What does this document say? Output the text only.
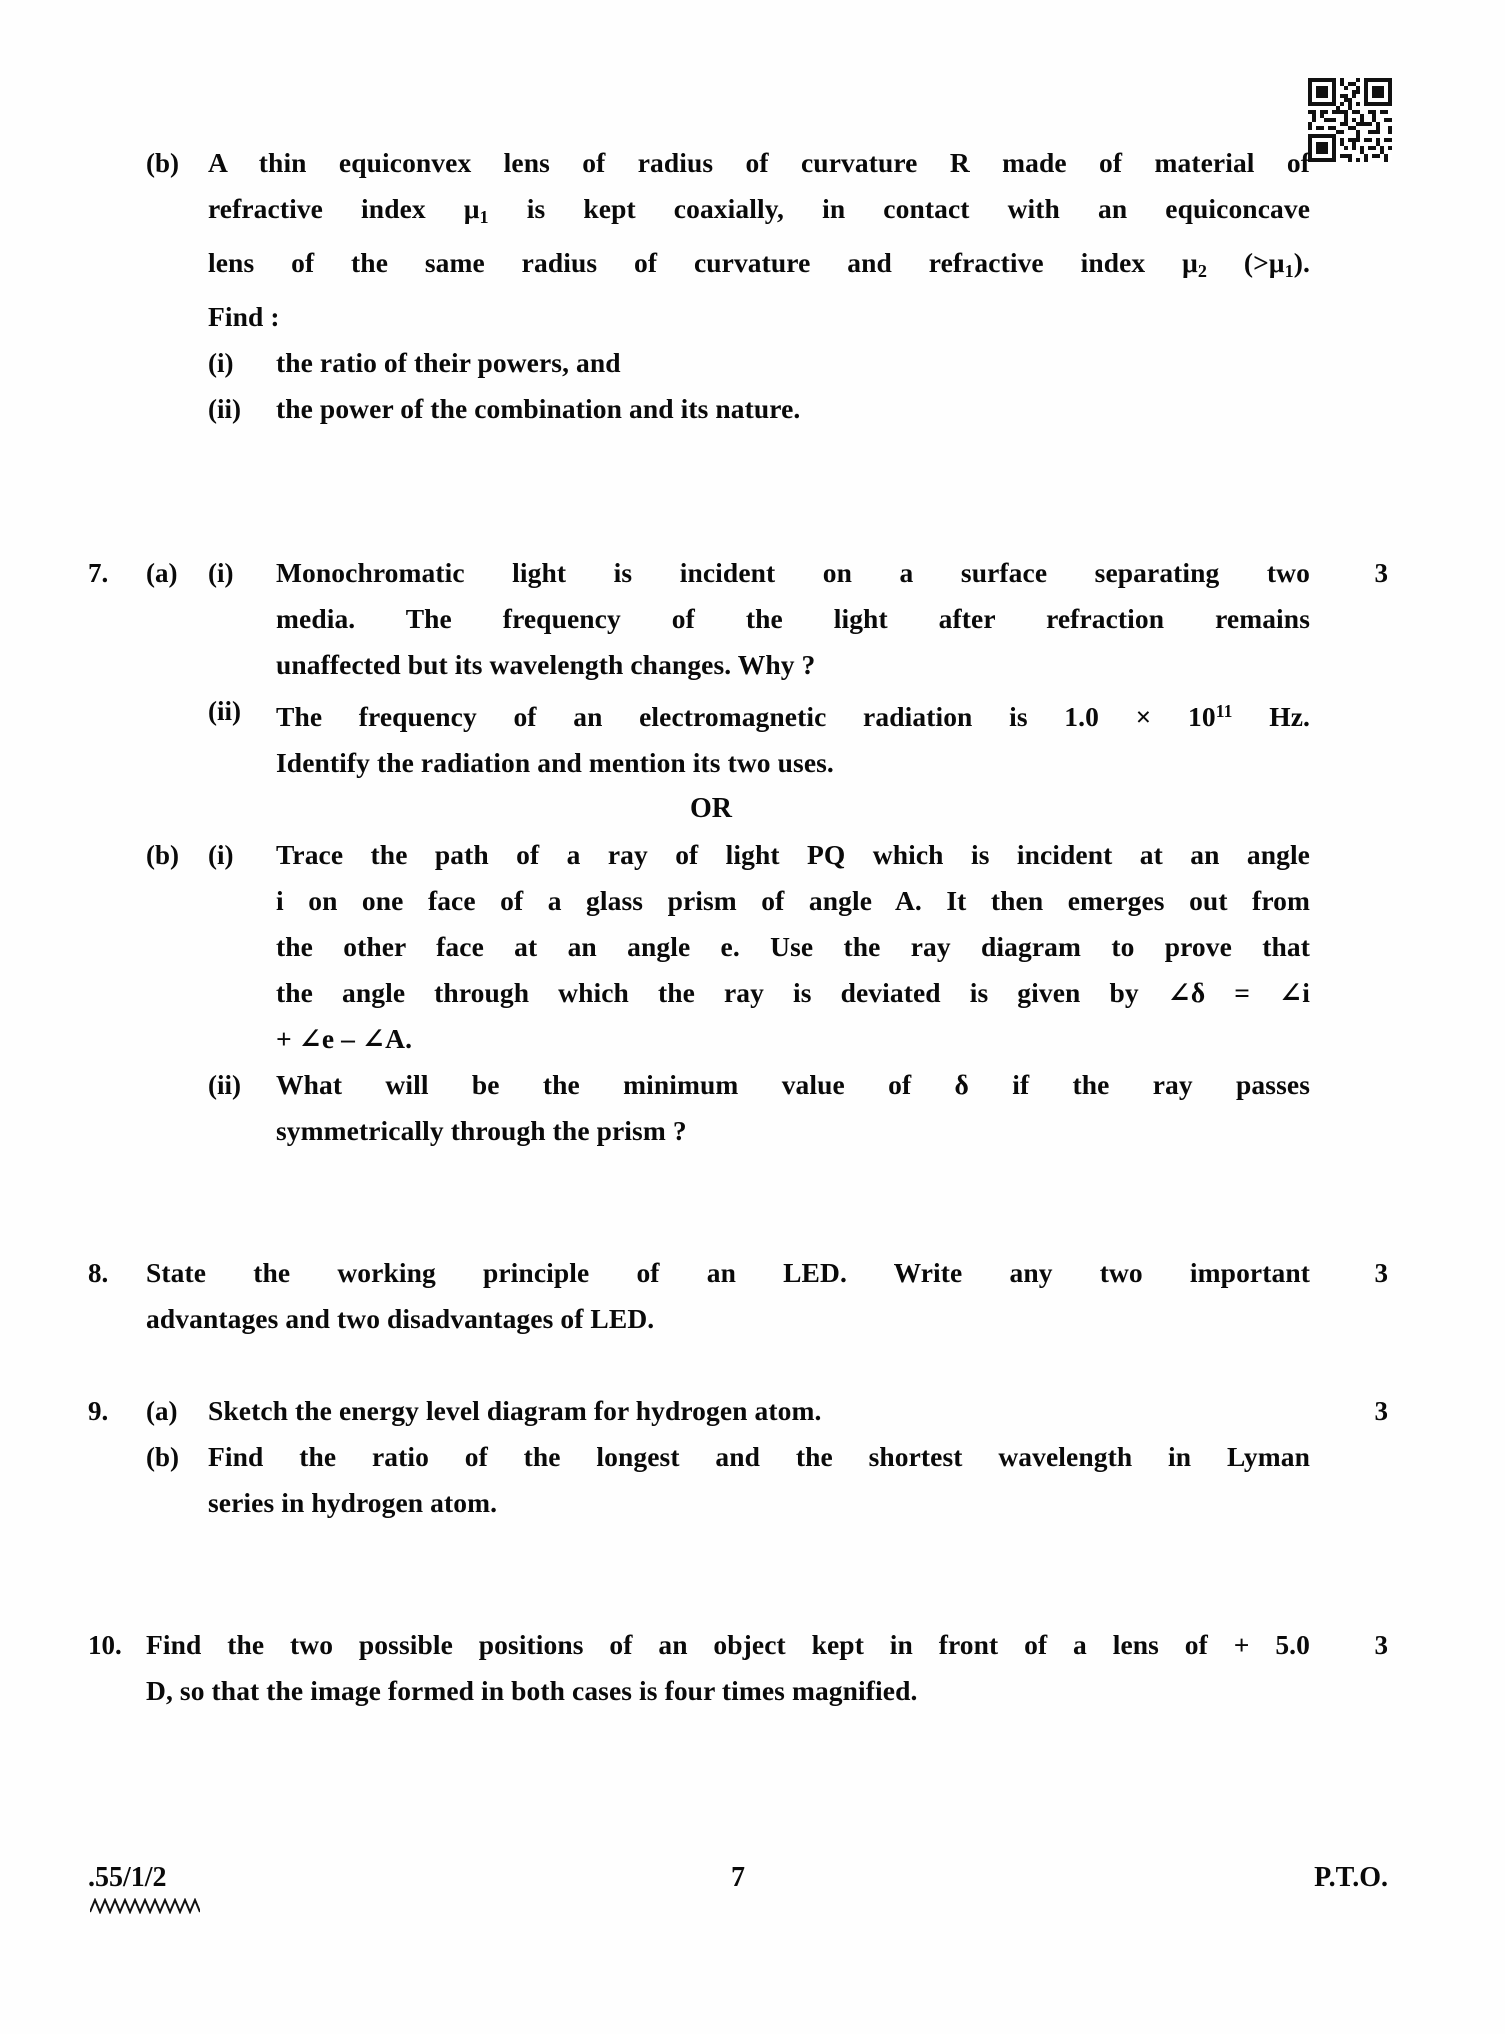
(b)	A thin equiconvex lens of radius of curvature R made of material of
refractive index $\mu_1$ is kept coaxially, in contact with an equiconcave
lens of the same radius of curvature and refractive index $\mu_2$ $(>\mu_1)$.
Find :
(i)	the ratio of their powers, and
(ii)	the power of the combination and its nature.
7.	(a)	(i)	Monochromatic light is incident on a surface separating two
media. The frequency of the light after refraction remains
unaffected but its wavelength changes. Why ?
3
(ii)	The frequency of an electromagnetic radiation is $1.0 \times 10^{11}$ Hz.
Identify the radiation and mention its two uses.
OR
(b)	(i)	Trace the path of a ray of light PQ which is incident at an angle
i on one face of a glass prism of angle A. It then emerges out from
the other face at an angle e. Use the ray diagram to prove that
the angle through which the ray is deviated is given by ∠δ = ∠i
+ ∠e – ∠A.
(ii)	What will be the minimum value of δ if the ray passes
symmetrically through the prism ?
8.	State the working principle of an LED. Write any two important
advantages and two disadvantages of LED.
3
9.	(a)	Sketch the energy level diagram for hydrogen atom.	3
(b)	Find the ratio of the longest and the shortest wavelength in Lyman
series in hydrogen atom.
10. Find the two possible positions of an object kept in front of a lens of + 5.0
D, so that the image formed in both cases is four times magnified.
3
.55/1/2	7	P.T.O.
